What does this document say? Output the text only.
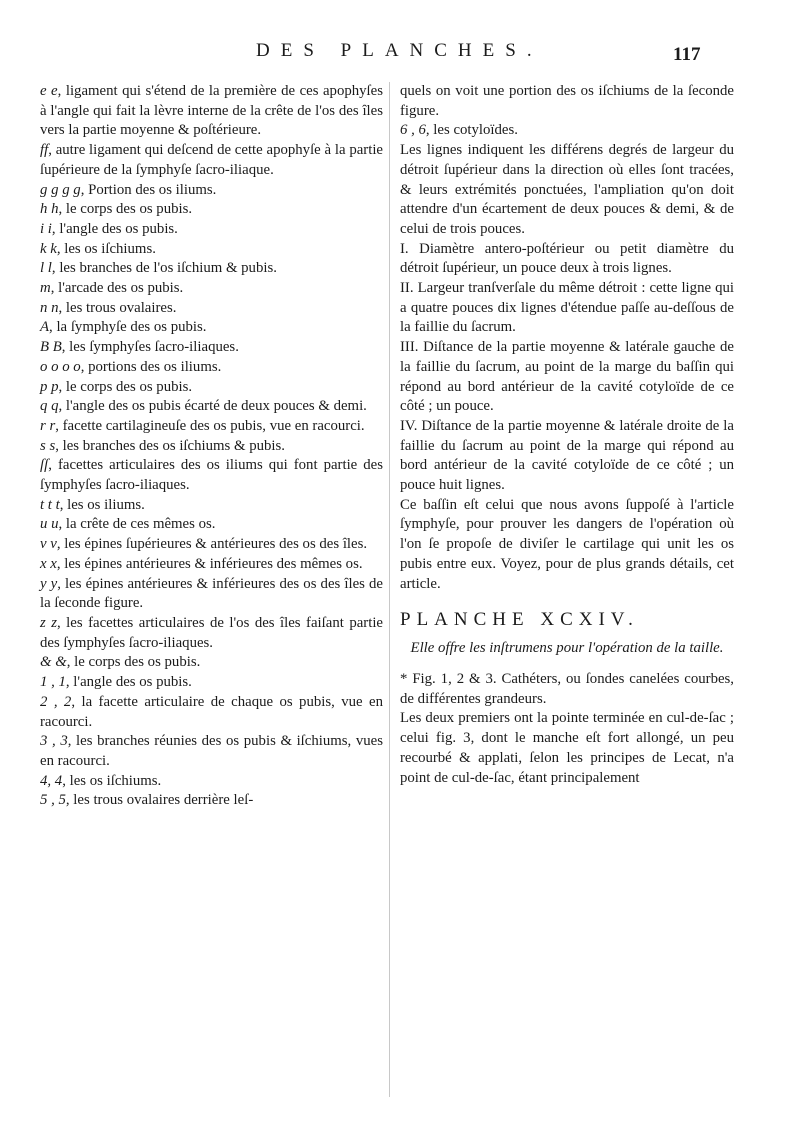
DES PLANCHES.	117

e e, ligament qui s'étend de la première de ces apophyſes à l'angle qui fait la lèvre interne de la crête de l'os des îles vers la partie moyenne & poſtérieure.

ff, autre ligament qui deſcend de cette apophyſe à la partie ſupérieure de la ſymphyſe ſacro-iliaque.

g g g g, Portion des os iliums.

h h, le corps des os pubis.

i i, l'angle des os pubis.

k k, les os iſchiums.

l l, les branches de l'os iſchium & pubis.

m, l'arcade des os pubis.

n n, les trous ovalaires.

A, la ſymphyſe des os pubis.

B B, les ſymphyſes ſacro-iliaques.

o o o o, portions des os iliums.

p p, le corps des os pubis.

q q, l'angle des os pubis écarté de deux pouces & demi.

r r, facette cartilagineuſe des os pubis, vue en racourci.

s s, les branches des os iſchiums & pubis.

ſſ, facettes articulaires des os iliums qui font partie des ſymphyſes ſacro-iliaques.

t t t, les os iliums.

u u, la crête de ces mêmes os.

v v, les épines ſupérieures & antérieures des os des îles.

x x, les épines antérieures & inférieures des mêmes os.

y y, les épines antérieures & inférieures des os des îles de la ſeconde figure.

z z, les facettes articulaires de l'os des îles faiſant partie des ſymphyſes ſacro-iliaques.

& &, le corps des os pubis.

1 , 1, l'angle des os pubis.

2 , 2, la facette articulaire de chaque os pubis, vue en racourci.

3 , 3, les branches réunies des os pubis & iſchiums, vues en racourci.

4, 4, les os iſchiums.

5 , 5, les trous ovalaires derrière leſ-

quels on voit une portion des os iſchiums de la ſeconde figure.

6 , 6, les cotyloïdes.

Les lignes indiquent les différens degrés de largeur du détroit ſupérieur dans la direction où elles ſont tracées, & leurs extrémités ponctuées, l'ampliation qu'on doit attendre d'un écartement de deux pouces & demi, & de celui de trois pouces.

I. Diamètre antero-poſtérieur ou petit diamètre du détroit ſupérieur, un pouce deux à trois lignes.

II. Largeur tranſverſale du même détroit : cette ligne qui a quatre pouces dix lignes d'étendue paſſe au-deſſous de la faillie du ſacrum.

III. Diſtance de la partie moyenne & latérale gauche de la faillie du ſacrum, au point de la marge du baſſin qui répond au bord antérieur de la cavité cotyloïde de ce côté ; un pouce.

IV. Diſtance de la partie moyenne & latérale droite de la faillie du ſacrum au point de la marge qui répond au bord antérieur de la cavité cotyloïde de ce côté ; un pouce huit lignes.

Ce baſſin eſt celui que nous avons ſuppoſé à l'article ſymphyſe, pour prouver les dangers de l'opération où l'on ſe propoſe de diviſer le cartilage qui unit les os pubis entre eux. Voyez, pour de plus grands détails, cet article.

PLANCHE XCXIV.
Elle offre les inſtrumens pour l'opération de la taille.

* Fig. 1, 2 & 3. Cathéters, ou ſondes canelées courbes, de différentes grandeurs.

Les deux premiers ont la pointe terminée en cul-de-ſac ; celui fig. 3, dont le manche eſt fort allongé, un peu recourbé & applati, ſelon les principes de Lecat, n'a point de cul-de-ſac, étant principalement
